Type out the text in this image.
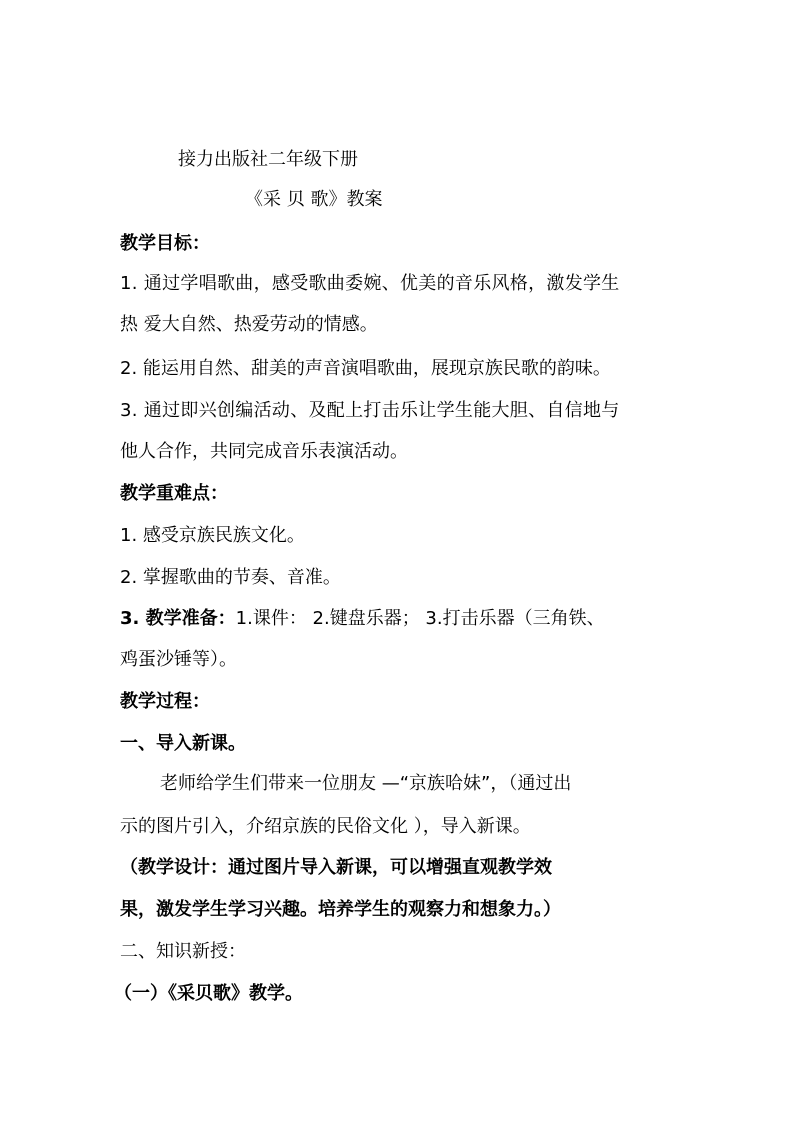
接力出版社二年级下册
《采 贝 歌》教案
教学目标：
1. 通过学唱歌曲，感受歌曲委婉、优美的音乐风格，激发学生
热 爱大自然、热爱劳动的情感。
2. 能运用自然、甜美的声音演唱歌曲，展现京族民歌的韵味。
3. 通过即兴创编活动、及配上打击乐让学生能大胆、自信地与
他人合作，共同完成音乐表演活动。
教学重难点：
1. 感受京族民族文化。
2. 掌握歌曲的节奏、音准。
3. 教学准备：1.课件： 2.键盘乐器； 3.打击乐器（三角铁、
鸡蛋沙锤等）。
教学过程：
一、导入新课。
老师给学生们带来一位朋友 —“京族哈妹”，（通过出
示的图片引入，介绍京族的民俗文化 ），导入新课。
（教学设计：通过图片导入新课，可以增强直观教学效
果，激发学生学习兴趣。培养学生的观察力和想象力。）
二、知识新授：
（一）《采贝歌》教学。
